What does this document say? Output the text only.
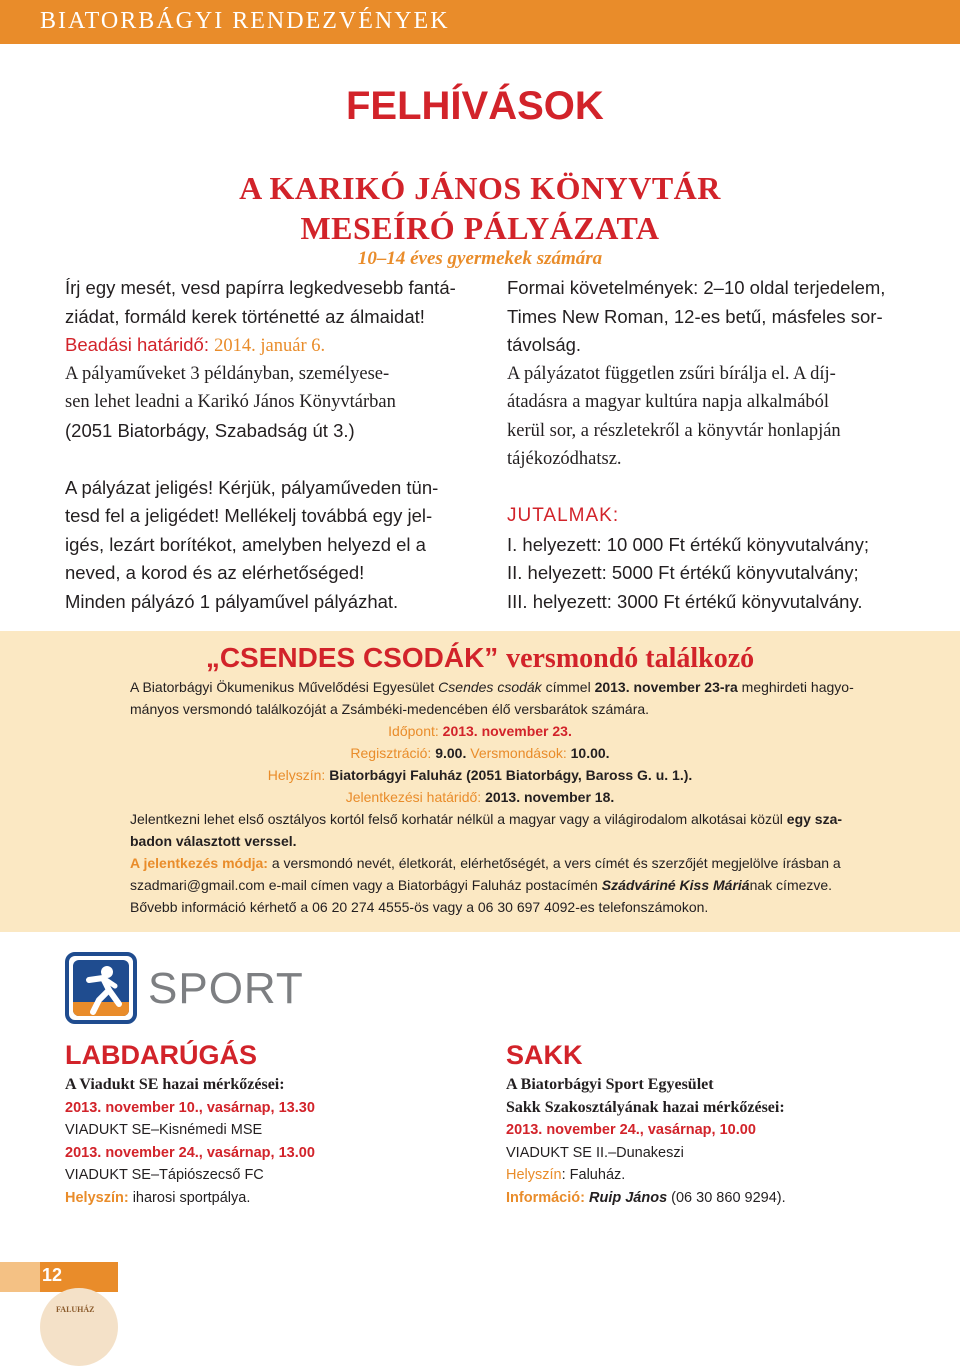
BIATORBÁGYI RENDEZVÉNYEK
FELHÍVÁSOK
A KARIKÓ JÁNOS KÖNYVTÁR
MESEÍRÓ PÁLYÁZATA
10–14 éves gyermekek számára
Írj egy mesét, vesd papírra legkedvesebb fantá-
ziádat, formáld kerek történetté az álmaidat!
Beadási határidő: 2014. január 6.
A pályaműveket 3 példányban, személyese-
sen lehet leadni a Karikó János Könyvtárban
(2051 Biatorbágy, Szabadság út 3.)
A pályázat jeligés! Kérjük, pályaműveden tün-
tesd fel a jeligédet! Mellékelj továbbá egy jel-
igés, lezárt borítékot, amelyben helyezd el a
neved, a korod és az elérhetőséged!
Minden pályázó 1 pályaművel pályázhat.
Formai követelmények: 2–10 oldal terjedelem,
Times New Roman, 12-es betű, másfeles sor-
távolság.
A pályázatot független zsűri bírálja el. A díj-
átadásra a magyar kultúra napja alkalmából
kerül sor, a részletekről a könyvtár honlapján
tájékozódhatsz.
JUTALMAK:
I. helyezett: 10 000 Ft értékű könyvutalvány;
II. helyezett: 5000 Ft értékű könyvutalvány;
III. helyezett: 3000 Ft értékű könyvutalvány.
„CSENDES CSODÁK” versmondó találkozó
A Biatorbágyi Ökumenikus Művelődési Egyesület Csendes csodák címmel 2013. november 23-ra meghirdeti hagyo-
mányos versmondó találkozóját a Zsámbéki-medencében élő versbarátok számára.
Időpont: 2013. november 23.
Regisztráció: 9.00. Versmondások: 10.00.
Helyszín: Biatorbágyi Faluház (2051 Biatorbágy, Baross G. u. 1.).
Jelentkezési határidő: 2013. november 18.
Jelentkezni lehet első osztályos kortól felső korhatár nélkül a magyar vagy a világirodalom alkotásai közül egy sza-
badon választott verssel.
A jelentkezés módja: a versmondó nevét, életkorát, elérhetőségét, a vers címét és szerzőjét megjelölve írásban a
szadmari@gmail.com e-mail címen vagy a Biatorbágyi Faluház postacímén Szádváriné Kiss Máriának címezve.
Bővebb információ kérhető a 06 20 274 4555-ös vagy a 06 30 697 4092-es telefonszámokon.
SPORT
LABDARÚGÁS
A Viadukt SE hazai mérkőzései:
2013. november 10., vasárnap, 13.30
VIADUKT SE–Kisnémedi MSE
2013. november 24., vasárnap, 13.00
VIADUKT SE–Tápiószecső FC
Helyszín: iharosi sportpálya.
SAKK
A Biatorbágyi Sport Egyesület
Sakk Szakosztályának hazai mérkőzései:
2013. november 24., vasárnap, 10.00
VIADUKT SE II.–Dunakeszi
Helyszín: Faluház.
Információ: Ruip János (06 30 860 9294).
12
FALUHÁZ
